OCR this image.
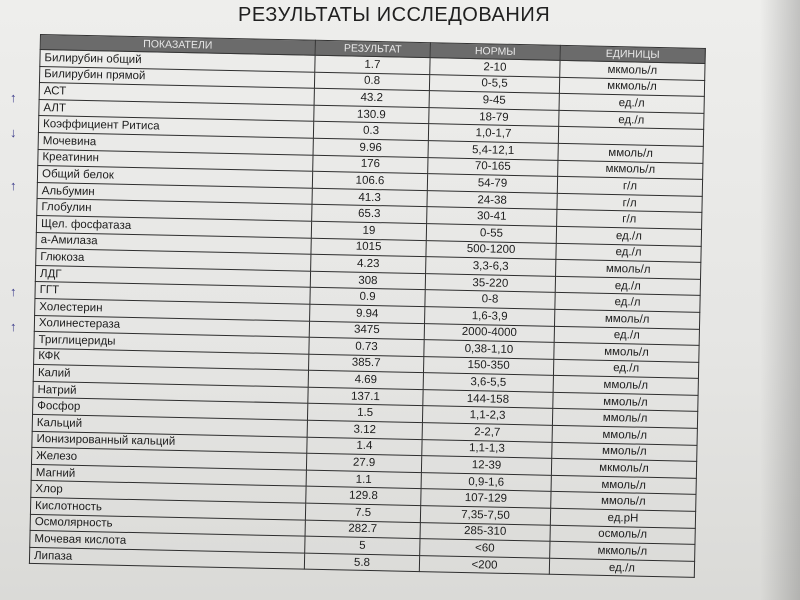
РЕЗУЛЬТАТЫ ИССЛЕДОВАНИЯ
↑
↓
↑
↑
↑
ПОКАЗАТЕЛИ	РЕЗУЛЬТАТ	НОРМЫ	ЕДИНИЦЫ
Билирубин общий	1.7	2-10	мкмоль/л
Билирубин прямой	0.8	0-5,5	мкмоль/л
АСТ	43.2	9-45	ед./л
АЛТ	130.9	18-79	ед./л
Коэффициент Ритиса	0.3	1,0-1,7	
Мочевина	9.96	5,4-12,1	ммоль/л
Креатинин	176	70-165	мкмоль/л
Общий белок	106.6	54-79	г/л
Альбумин	41.3	24-38	г/л
Глобулин	65.3	30-41	г/л
Щел. фосфатаза	19	0-55	ед./л
а-Амилаза	1015	500-1200	ед./л
Глюкоза	4.23	3,3-6,3	ммоль/л
ЛДГ	308	35-220	ед./л
ГГТ	0.9	0-8	ед./л
Холестерин	9.94	1,6-3,9	ммоль/л
Холинестераза	3475	2000-4000	ед./л
Триглицериды	0.73	0,38-1,10	ммоль/л
КФК	385.7	150-350	ед./л
Калий	4.69	3,6-5,5	ммоль/л
Натрий	137.1	144-158	ммоль/л
Фосфор	1.5	1,1-2,3	ммоль/л
Кальций	3.12	2-2,7	ммоль/л
Ионизированный кальций	1.4	1,1-1,3	ммоль/л
Железо	27.9	12-39	мкмоль/л
Магний	1.1	0,9-1,6	ммоль/л
Хлор	129.8	107-129	ммоль/л
Кислотность	7.5	7,35-7,50	ед.pH
Осмолярность	282.7	285-310	осмоль/л
Мочевая кислота	5	<60	мкмоль/л
Липаза	5.8	<200	ед./л
